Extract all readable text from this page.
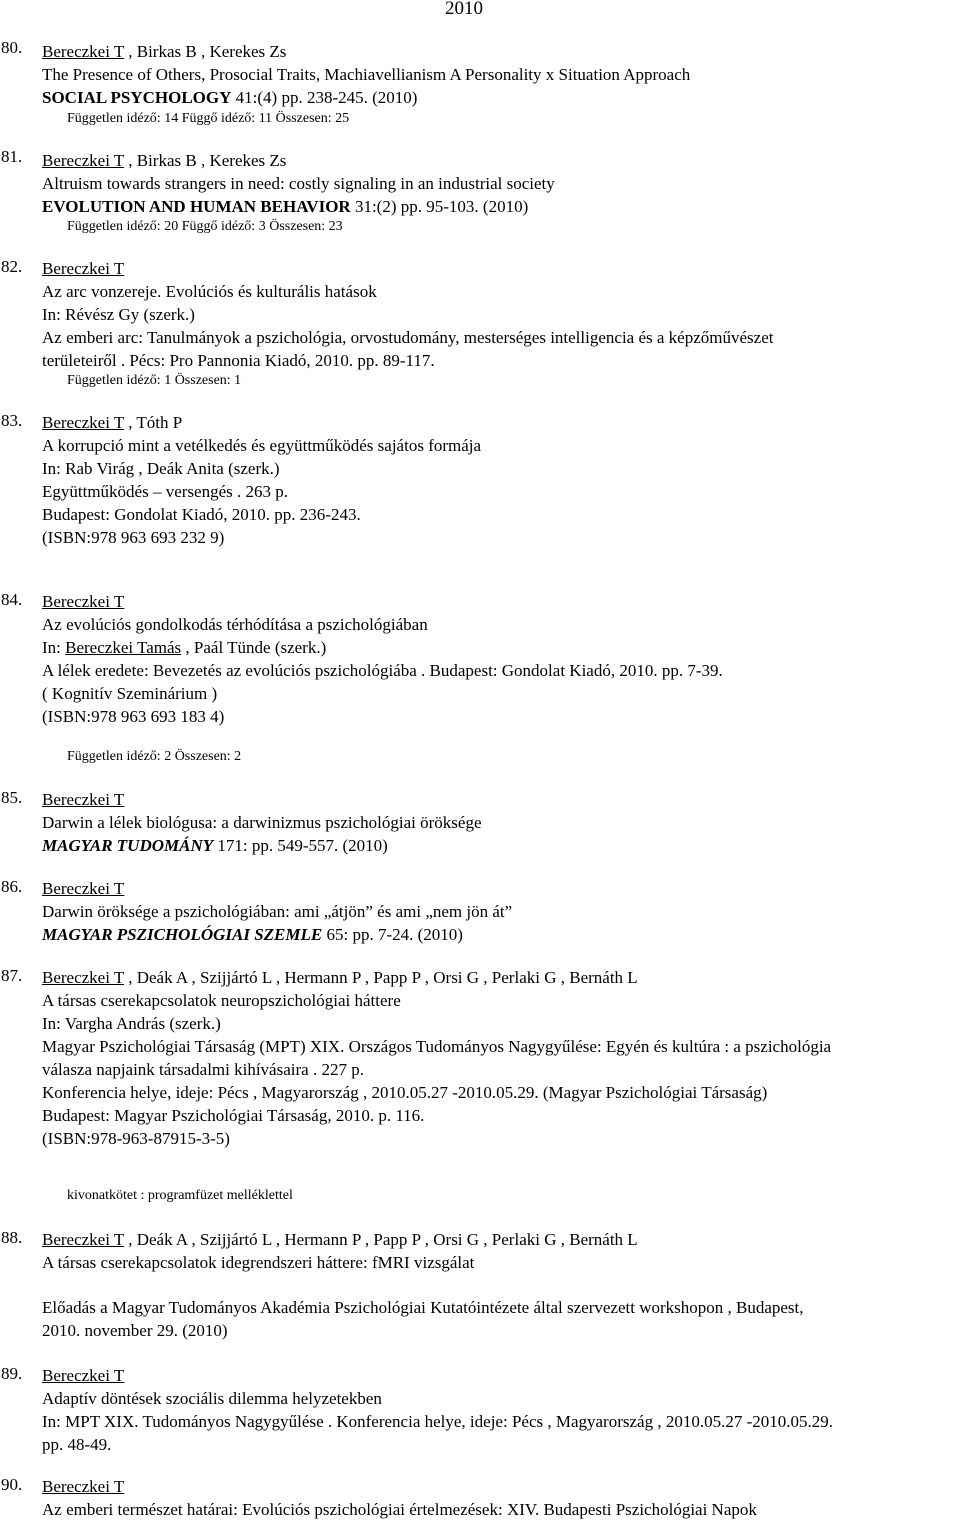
2010
80.	Bereczkei T , Birkas B , Kerekes Zs
The Presence of Others, Prosocial Traits, Machiavellianism A Personality x Situation Approach
SOCIAL PSYCHOLOGY 41:(4) pp. 238-245. (2010)
Független idéző: 14 Függő idéző: 11 Összesen: 25
81.	Bereczkei T , Birkas B , Kerekes Zs
Altruism towards strangers in need: costly signaling in an industrial society
EVOLUTION AND HUMAN BEHAVIOR 31:(2) pp. 95-103. (2010)
Független idéző: 20 Függő idéző: 3 Összesen: 23
82.	Bereczkei T
Az arc vonzereje. Evolúciós és kulturális hatások
In: Révész Gy (szerk.)
Az emberi arc: Tanulmányok a pszichológia, orvostudomány, mesterséges intelligencia és a képzőművészet
területeiről . Pécs: Pro Pannonia Kiadó, 2010. pp. 89-117.
Független idéző: 1 Összesen: 1
83.	Bereczkei T , Tóth P
A korrupció mint a vetélkedés és együttműködés sajátos formája
In: Rab Virág , Deák Anita (szerk.)
Együttműködés – versengés . 263 p.
Budapest: Gondolat Kiadó, 2010. pp. 236-243.
(ISBN:978 963 693 232 9)
84.	Bereczkei T
Az evolúciós gondolkodás térhódítása a pszichológiában
In: Bereczkei Tamás , Paál Tünde (szerk.)
A lélek eredete: Bevezetés az evolúciós pszichológiába . Budapest: Gondolat Kiadó, 2010. pp. 7-39.
( Kognitív Szeminárium )
(ISBN:978 963 693 183 4)
Független idéző: 2 Összesen: 2
85.	Bereczkei T
Darwin a lélek biológusa: a darwinizmus pszichológiai öröksége
MAGYAR TUDOMÁNY 171: pp. 549-557. (2010)
86.	Bereczkei T
Darwin öröksége a pszichológiában: ami „átjön” és ami „nem jön át”
MAGYAR PSZICHOLÓGIAI SZEMLE 65: pp. 7-24. (2010)
87.	Bereczkei T , Deák A , Szijjártó L , Hermann P , Papp P , Orsi G , Perlaki G , Bernáth L
A társas cserekapcsolatok neuropszichológiai háttere
In: Vargha András (szerk.)
Magyar Pszichológiai Társaság (MPT) XIX. Országos Tudományos Nagygyűlése: Egyén és kultúra : a pszichológia
válasza napjaink társadalmi kihívásaira . 227 p.
Konferencia helye, ideje: Pécs , Magyarország , 2010.05.27 -2010.05.29. (Magyar Pszichológiai Társaság)
Budapest: Magyar Pszichológiai Társaság, 2010. p. 116.
(ISBN:978-963-87915-3-5)
kivonatkötet : programfüzet melléklettel
88.	Bereczkei T , Deák A , Szijjártó L , Hermann P , Papp P , Orsi G , Perlaki G , Bernáth L
A társas cserekapcsolatok idegrendszeri háttere: fMRI vizsgálat
Előadás a Magyar Tudományos Akadémia Pszichológiai Kutatóintézete által szervezett workshopon , Budapest,
2010. november 29. (2010)
89.	Bereczkei T
Adaptív döntések szociális dilemma helyzetekben
In: MPT XIX. Tudományos Nagygyűlése . Konferencia helye, ideje: Pécs , Magyarország , 2010.05.27 -2010.05.29.
pp. 48-49.
90.	Bereczkei T
Az emberi természet határai: Evolúciós pszichológiai értelmezések: XIV. Budapesti Pszichológiai Napok
